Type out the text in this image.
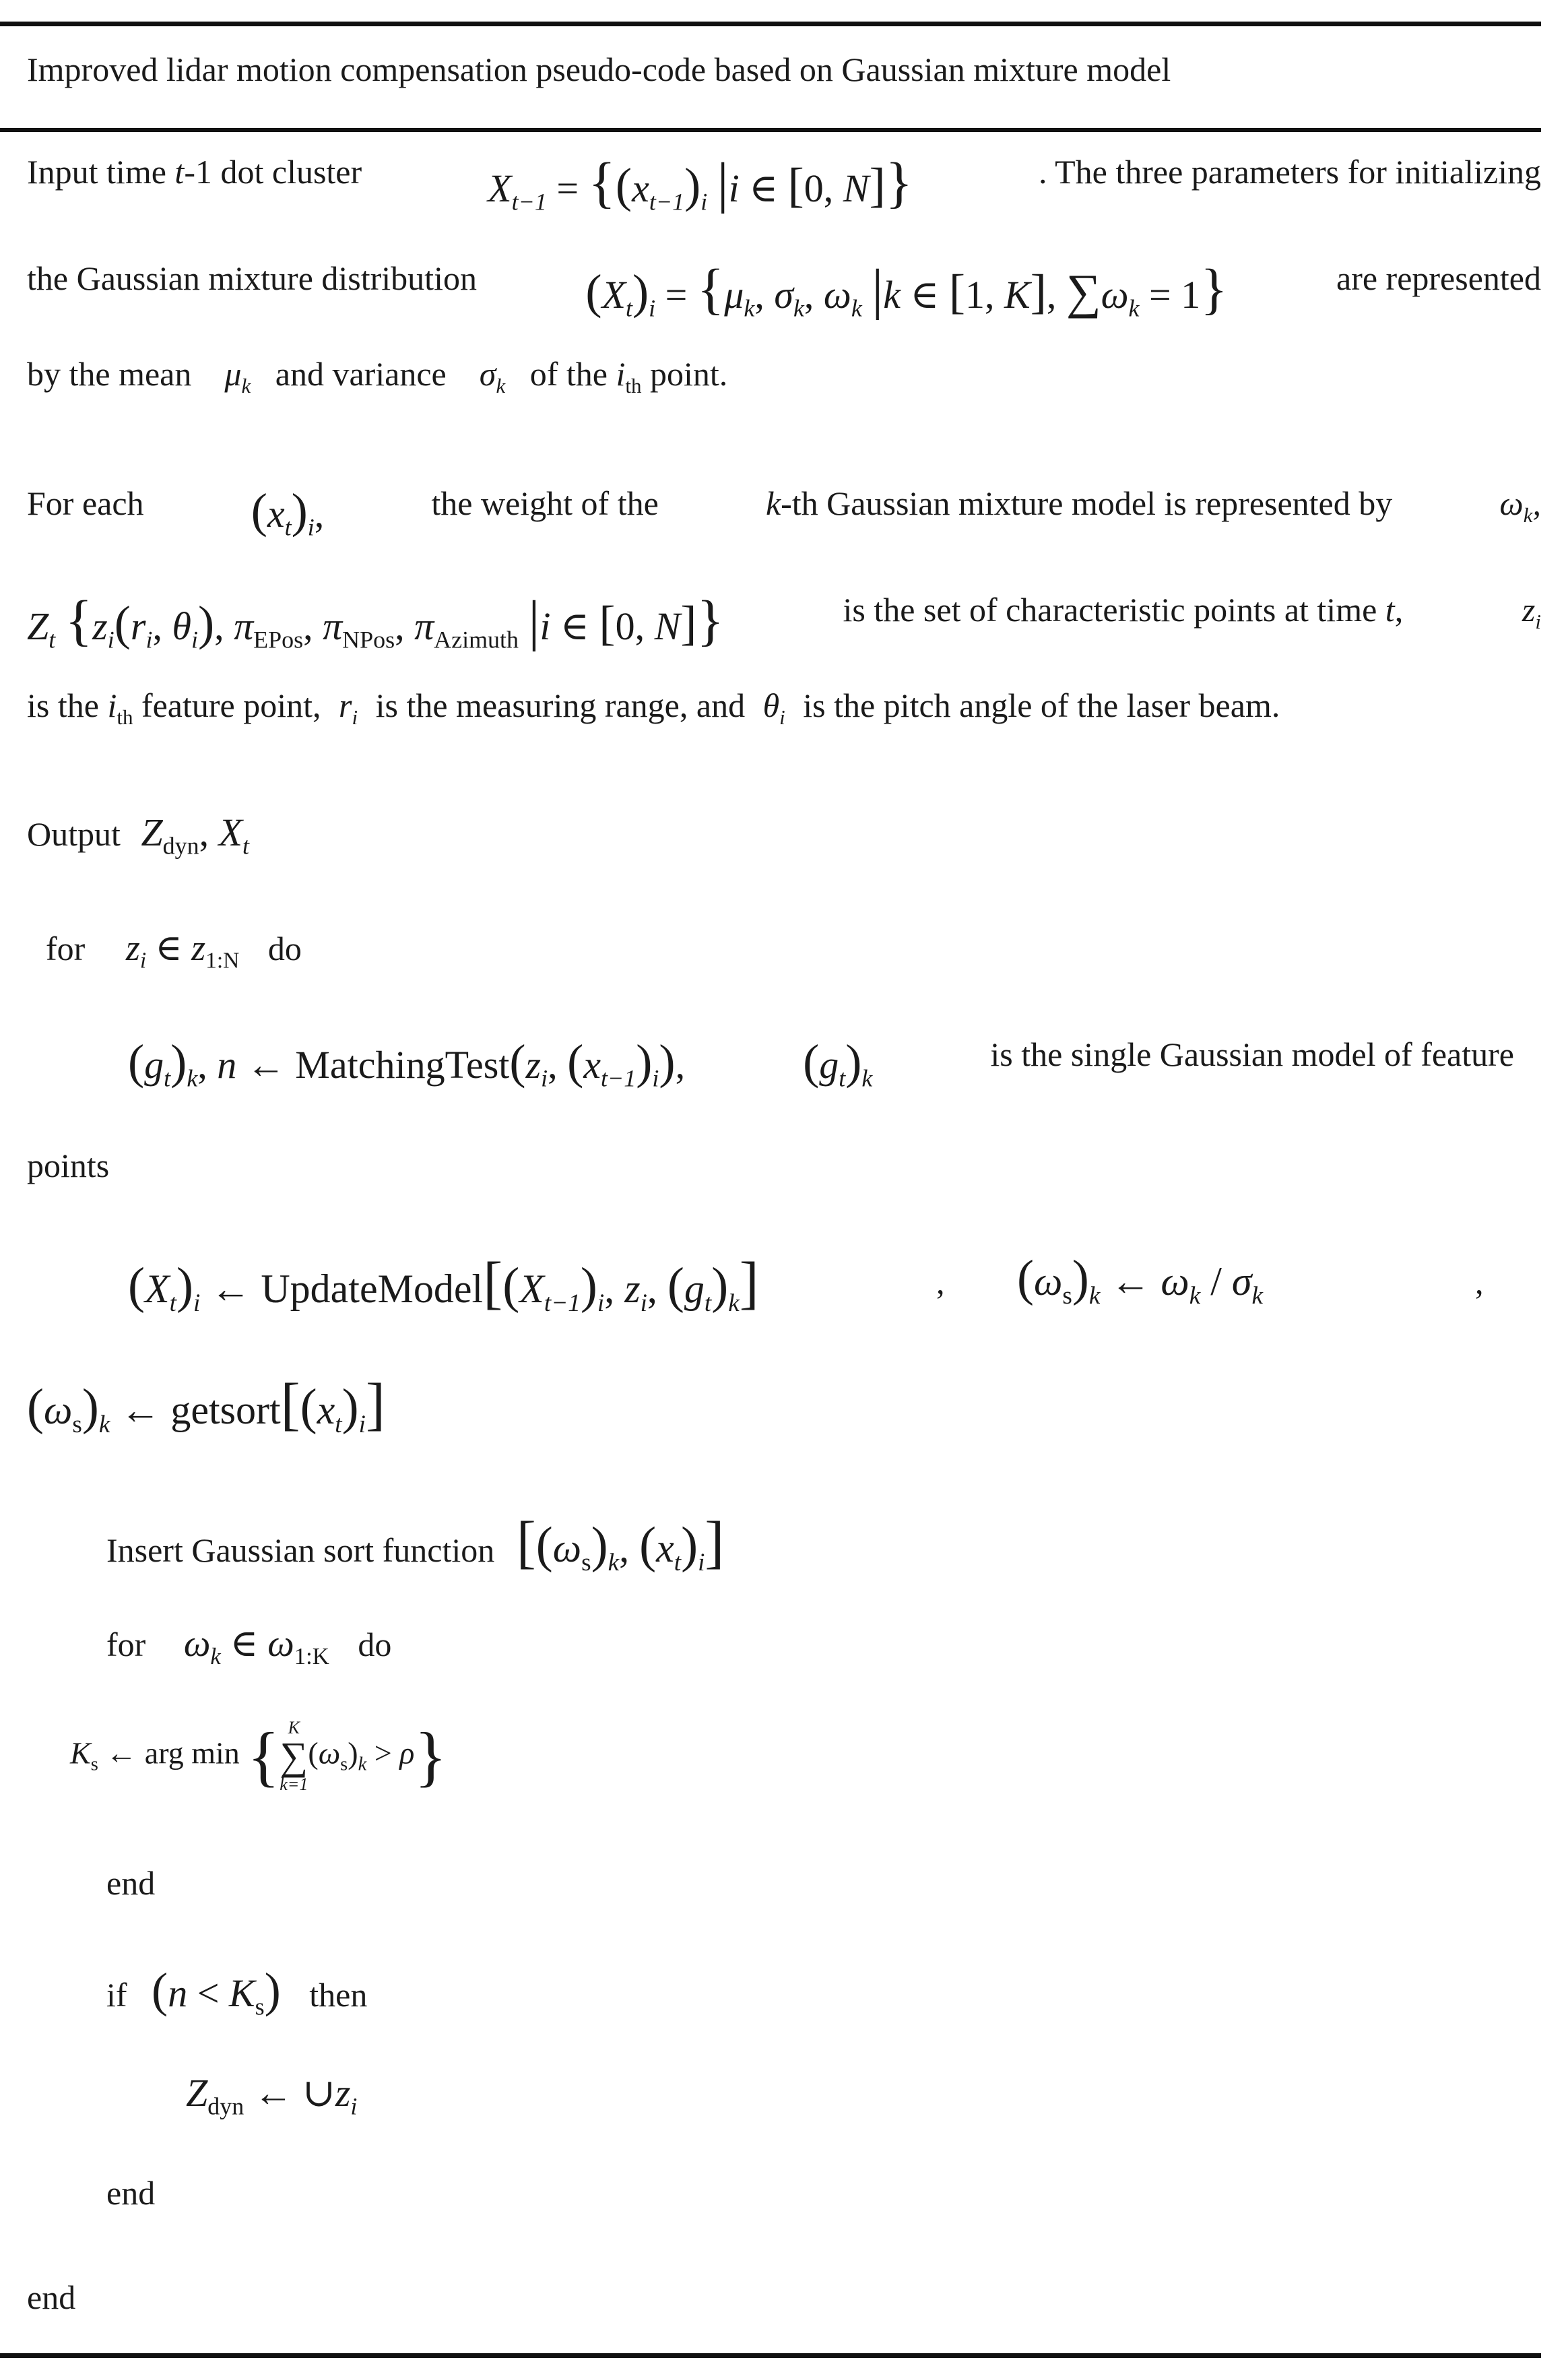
Improved lidar motion compensation pseudo-code based on Gaussian mixture model
Input time t-1 dot cluster	$X_{t-1} = \{(x_{t-1})_i$ |i ∈ [0, N]}	. The three parameters for initializing
the Gaussian mixture distribution $(X_t)_i = \{\mu_k$, $\sigma_k$, $\omega_k$ |k ∈ [1, K], $\sum\omega_k = 1$}	are represented
by the mean $\mu_k$ and variance $\sigma_k$ of the $i_{th}$ point.
For each $(x_t)_i$,	the weight of the	k-th Gaussian mixture model is represented by	$\omega_k$,
$Z_t$ {$z_i(r_i$, $\theta_i$), $\pi_{EPos}$, $\pi_{NPos}$, $\pi_{Azimuth}$ |i ∈ [0, N]}	is the set of characteristic points at time t,	$z_i$
is the $i_{th}$ feature point, $r_i$ is the measuring range, and $\theta_i$ is the pitch angle of the laser beam.
Output $Z_{dyn}$, $X_t$
for $z_i$ ∈ $z_{1:N}$ do
$(g_t)_k$, n ← $MatchingTest(z_i$, $(x_{t-1})_i$), $(g_t)_k$
is the single Gaussian model of feature
points
$(X_t)_i$ ← $UpdateModel[(X_{t-1})_i$, $z_i$, $(g_t)_k$]	, $(\omega_s)_k$ ← $\omega_k / \sigma_k$	,
$(\omega_s)_k$ ← $getsort[(x_t)_i]$
Insert Gaussian sort function [$(\omega_s)_k$, $(x_t)_i$]
for $\omega_k$ ∈ $\omega_{1:K}$ do
$K_s$ ← arg min { K
∑
k=1
$(\omega_s)_k > \rho$}
end
if $(n < K_s)$ then
$Z_{dyn}$ ← $\cup z_i$
end
end
